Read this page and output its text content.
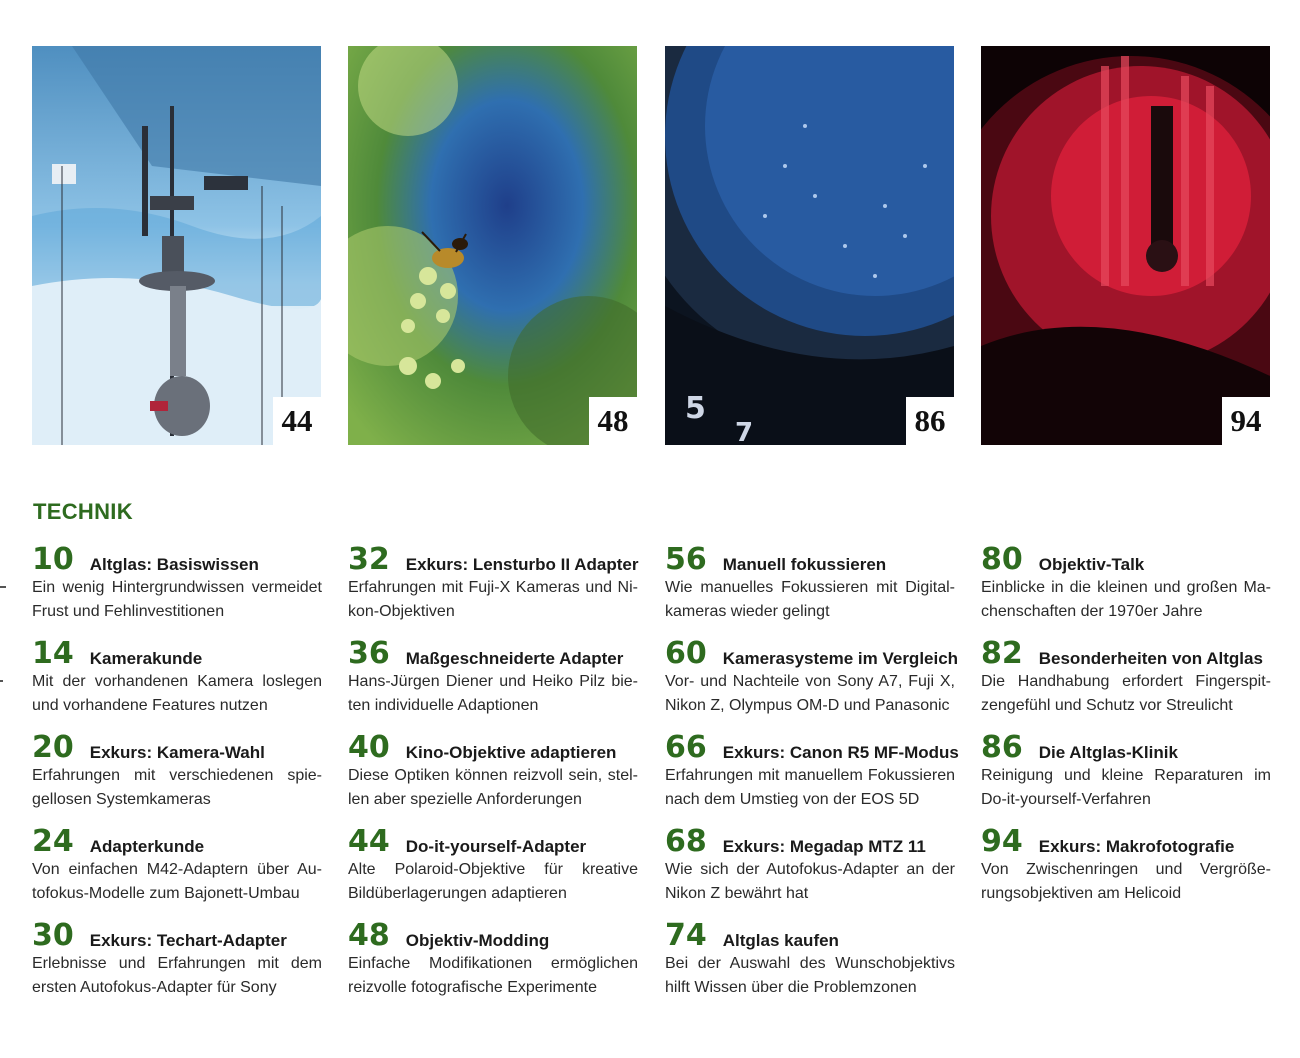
44	48 5
7	86	94
TECHNIK
10 Altglas: Basiswissen
Ein wenig Hintergrundwissen vermeidet Frust und Fehlinvestitionen
14 Kamerakunde
Mit der vorhandenen Kamera loslegen und vorhandene Features nutzen
20 Exkurs: Kamera-Wahl
Erfahrungen mit verschiedenen spiegellosen Systemkameras
24 Adapterkunde
Von einfachen M42-Adaptern über Autofokus-Modelle zum Bajonett-Umbau
30 Exkurs: Techart-Adapter
Erlebnisse und Erfahrungen mit dem ersten Autofokus-Adapter für Sony
32 Exkurs: Lensturbo II Adapter
Erfahrungen mit Fuji-X Kameras und Nikon-Objektiven
36 Maßgeschneiderte Adapter
Hans-Jürgen Diener und Heiko Pilz bieten individuelle Adaptionen
40 Kino-Objektive adaptieren
Diese Optiken können reizvoll sein, stellen aber spezielle Anforderungen
44 Do-it-yourself-Adapter
Alte Polaroid-Objektive für kreative Bildüberlagerungen adaptieren
48 Objektiv-Modding
Einfache Modifikationen ermöglichen reizvolle fotografische Experimente
56 Manuell fokussieren
Wie manuelles Fokussieren mit Digitalkameras wieder gelingt
60 Kamerasysteme im Vergleich
Vor- und Nachteile von Sony A7, Fuji X, Nikon Z, Olympus OM-D und Panasonic
66 Exkurs: Canon R5 MF-Modus
Erfahrungen mit manuellem Fokussieren nach dem Umstieg von der EOS 5D
68 Exkurs: Megadap MTZ 11
Wie sich der Autofokus-Adapter an der Nikon Z bewährt hat
74 Altglas kaufen
Bei der Auswahl des Wunschobjektivs hilft Wissen über die Problemzonen
80 Objektiv-Talk
Einblicke in die kleinen und großen Machenschaften der 1970er Jahre
82 Besonderheiten von Altglas
Die Handhabung erfordert Fingerspitzengefühl und Schutz vor Streulicht
86 Die Altglas-Klinik
Reinigung und kleine Reparaturen im Do-it-yourself-Verfahren
94 Exkurs: Makrofotografie
Von Zwischenringen und Vergrößerungsobjektiven am Helicoid
